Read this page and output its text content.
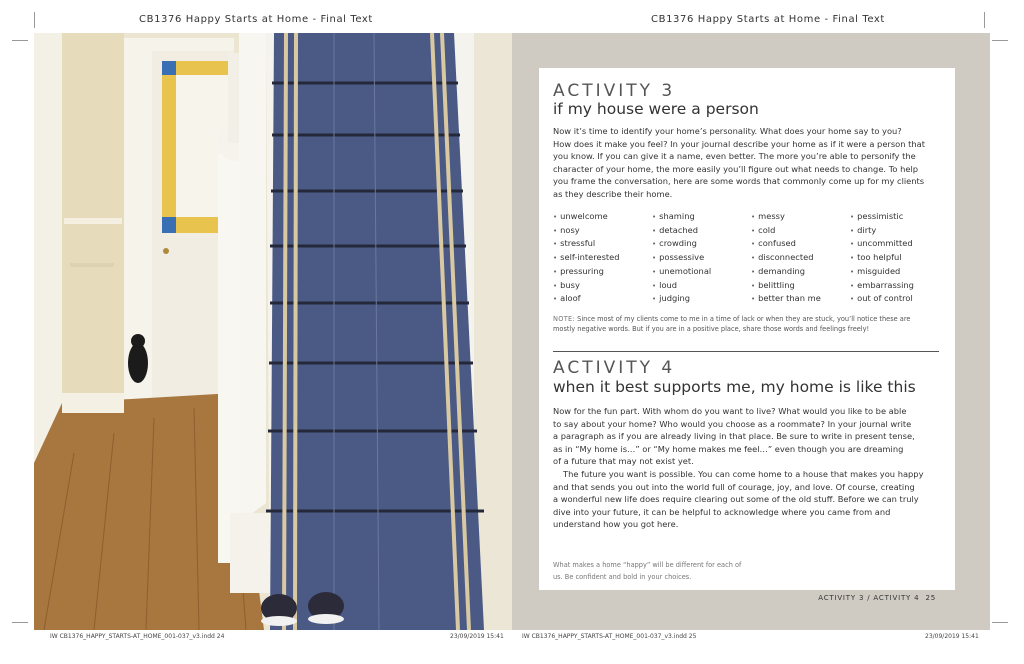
CB1376 Happy Starts at Home - Final Text	CB1376 Happy Starts at Home - Final Text
ACTIVITY 3
if my house were a person
Now it’s time to identify your home’s personality. What does your home say to you?
How does it make you feel? In your journal describe your home as if it were a person that
you know. If you can give it a name, even better. The more you’re able to personify the
character of your home, the more easily you’ll figure out what needs to change. To help
you frame the conversation, here are some words that commonly come up for my clients
as they describe their home.
• unwelcome
• nosy
• stressful
• self-interested
• pressuring
• busy
• aloof
• shaming
• detached
• crowding
• possessive
• unemotional
• loud
• judging
• messy
• cold
• confused
• disconnected
• demanding
• belittling
• better than me
• pessimistic
• dirty
• uncommitted
• too helpful
• misguided
• embarrassing
• out of control
NOTE: Since most of my clients come to me in a time of lack or when they are stuck, you’ll notice these are
mostly negative words. But if you are in a positive place, share those words and feelings freely!
ACTIVITY 4
when it best supports me, my home is like this
Now for the fun part. With whom do you want to live? What would you like to be able
to say about your home? Who would you choose as a roommate? In your journal write
a paragraph as if you are already living in that place. Be sure to write in present tense,
as in “My home is…” or “My home makes me feel…” even though you are dreaming
of a future that may not exist yet.
The future you want is possible. You can come home to a house that makes you happy
and that sends you out into the world full of courage, joy, and love. Of course, creating
a wonderful new life does require clearing out some of the old stuff. Before we can truly
dive into your future, it can be helpful to acknowledge where you came from and
understand how you got here.
What makes a home “happy” will be different for each of
us. Be confident and bold in your choices.
ACTIVITY 3 / ACTIVITY 4 25
IW CB1376_HAPPY_STARTS-AT_HOME_001-037_v3.indd 24	23/09/2019 15:41	IW CB1376_HAPPY_STARTS-AT_HOME_001-037_v3.indd 25	23/09/2019 15:41
